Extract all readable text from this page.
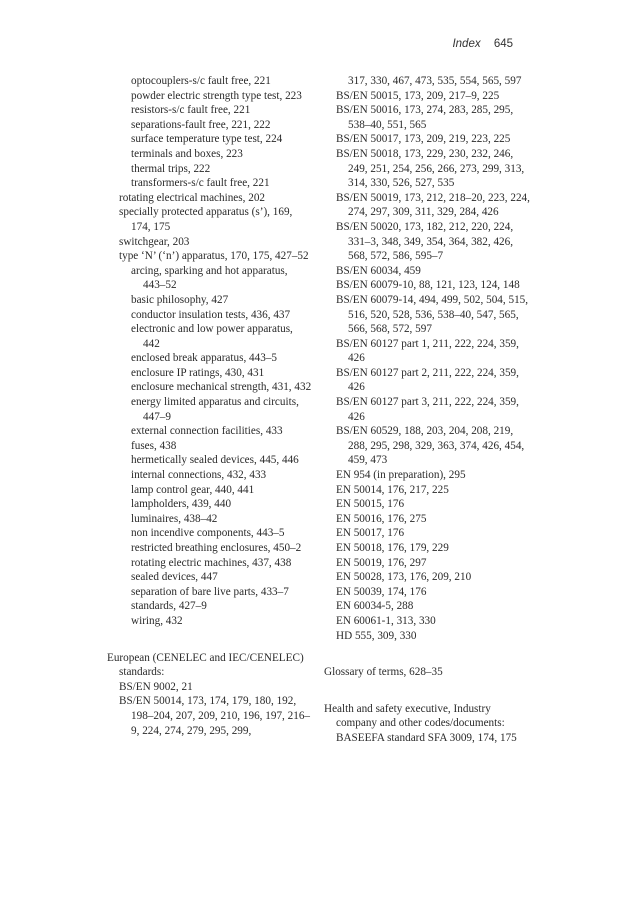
Index 645
optocouplers-s/c fault free, 221
powder electric strength type test, 223
resistors-s/c fault free, 221
separations-fault free, 221, 222
surface temperature type test, 224
terminals and boxes, 223
thermal trips, 222
transformers-s/c fault free, 221
rotating electrical machines, 202
specially protected apparatus (s’), 169, 174, 175
switchgear, 203
type ‘N’ (‘n’) apparatus, 170, 175, 427–52
arcing, sparking and hot apparatus, 443–52
basic philosophy, 427
conductor insulation tests, 436, 437
electronic and low power apparatus, 442
enclosed break apparatus, 443–5
enclosure IP ratings, 430, 431
enclosure mechanical strength, 431, 432
energy limited apparatus and circuits, 447–9
external connection facilities, 433
fuses, 438
hermetically sealed devices, 445, 446
internal connections, 432, 433
lamp control gear, 440, 441
lampholders, 439, 440
luminaires, 438–42
non incendive components, 443–5
restricted breathing enclosures, 450–2
rotating electric machines, 437, 438
sealed devices, 447
separation of bare live parts, 433–7
standards, 427–9
wiring, 432
European (CENELEC and IEC/CENELEC) standards:
BS/EN 9002, 21
BS/EN 50014, 173, 174, 179, 180, 192, 198–204, 207, 209, 210, 196, 197, 216–9, 224, 274, 279, 295, 299,
317, 330, 467, 473, 535, 554, 565, 597
BS/EN 50015, 173, 209, 217–9, 225
BS/EN 50016, 173, 274, 283, 285, 295, 538–40, 551, 565
BS/EN 50017, 173, 209, 219, 223, 225
BS/EN 50018, 173, 229, 230, 232, 246, 249, 251, 254, 256, 266, 273, 299, 313, 314, 330, 526, 527, 535
BS/EN 50019, 173, 212, 218–20, 223, 224, 274, 297, 309, 311, 329, 284, 426
BS/EN 50020, 173, 182, 212, 220, 224, 331–3, 348, 349, 354, 364, 382, 426, 568, 572, 586, 595–7
BS/EN 60034, 459
BS/EN 60079-10, 88, 121, 123, 124, 148
BS/EN 60079-14, 494, 499, 502, 504, 515, 516, 520, 528, 536, 538–40, 547, 565, 566, 568, 572, 597
BS/EN 60127 part 1, 211, 222, 224, 359, 426
BS/EN 60127 part 2, 211, 222, 224, 359, 426
BS/EN 60127 part 3, 211, 222, 224, 359, 426
BS/EN 60529, 188, 203, 204, 208, 219, 288, 295, 298, 329, 363, 374, 426, 454, 459, 473
EN 954 (in preparation), 295
EN 50014, 176, 217, 225
EN 50015, 176
EN 50016, 176, 275
EN 50017, 176
EN 50018, 176, 179, 229
EN 50019, 176, 297
EN 50028, 173, 176, 209, 210
EN 50039, 174, 176
EN 60034-5, 288
EN 60061-1, 313, 330
HD 555, 309, 330
Glossary of terms, 628–35
Health and safety executive, Industry company and other codes/documents:
BASEEFA standard SFA 3009, 174, 175
